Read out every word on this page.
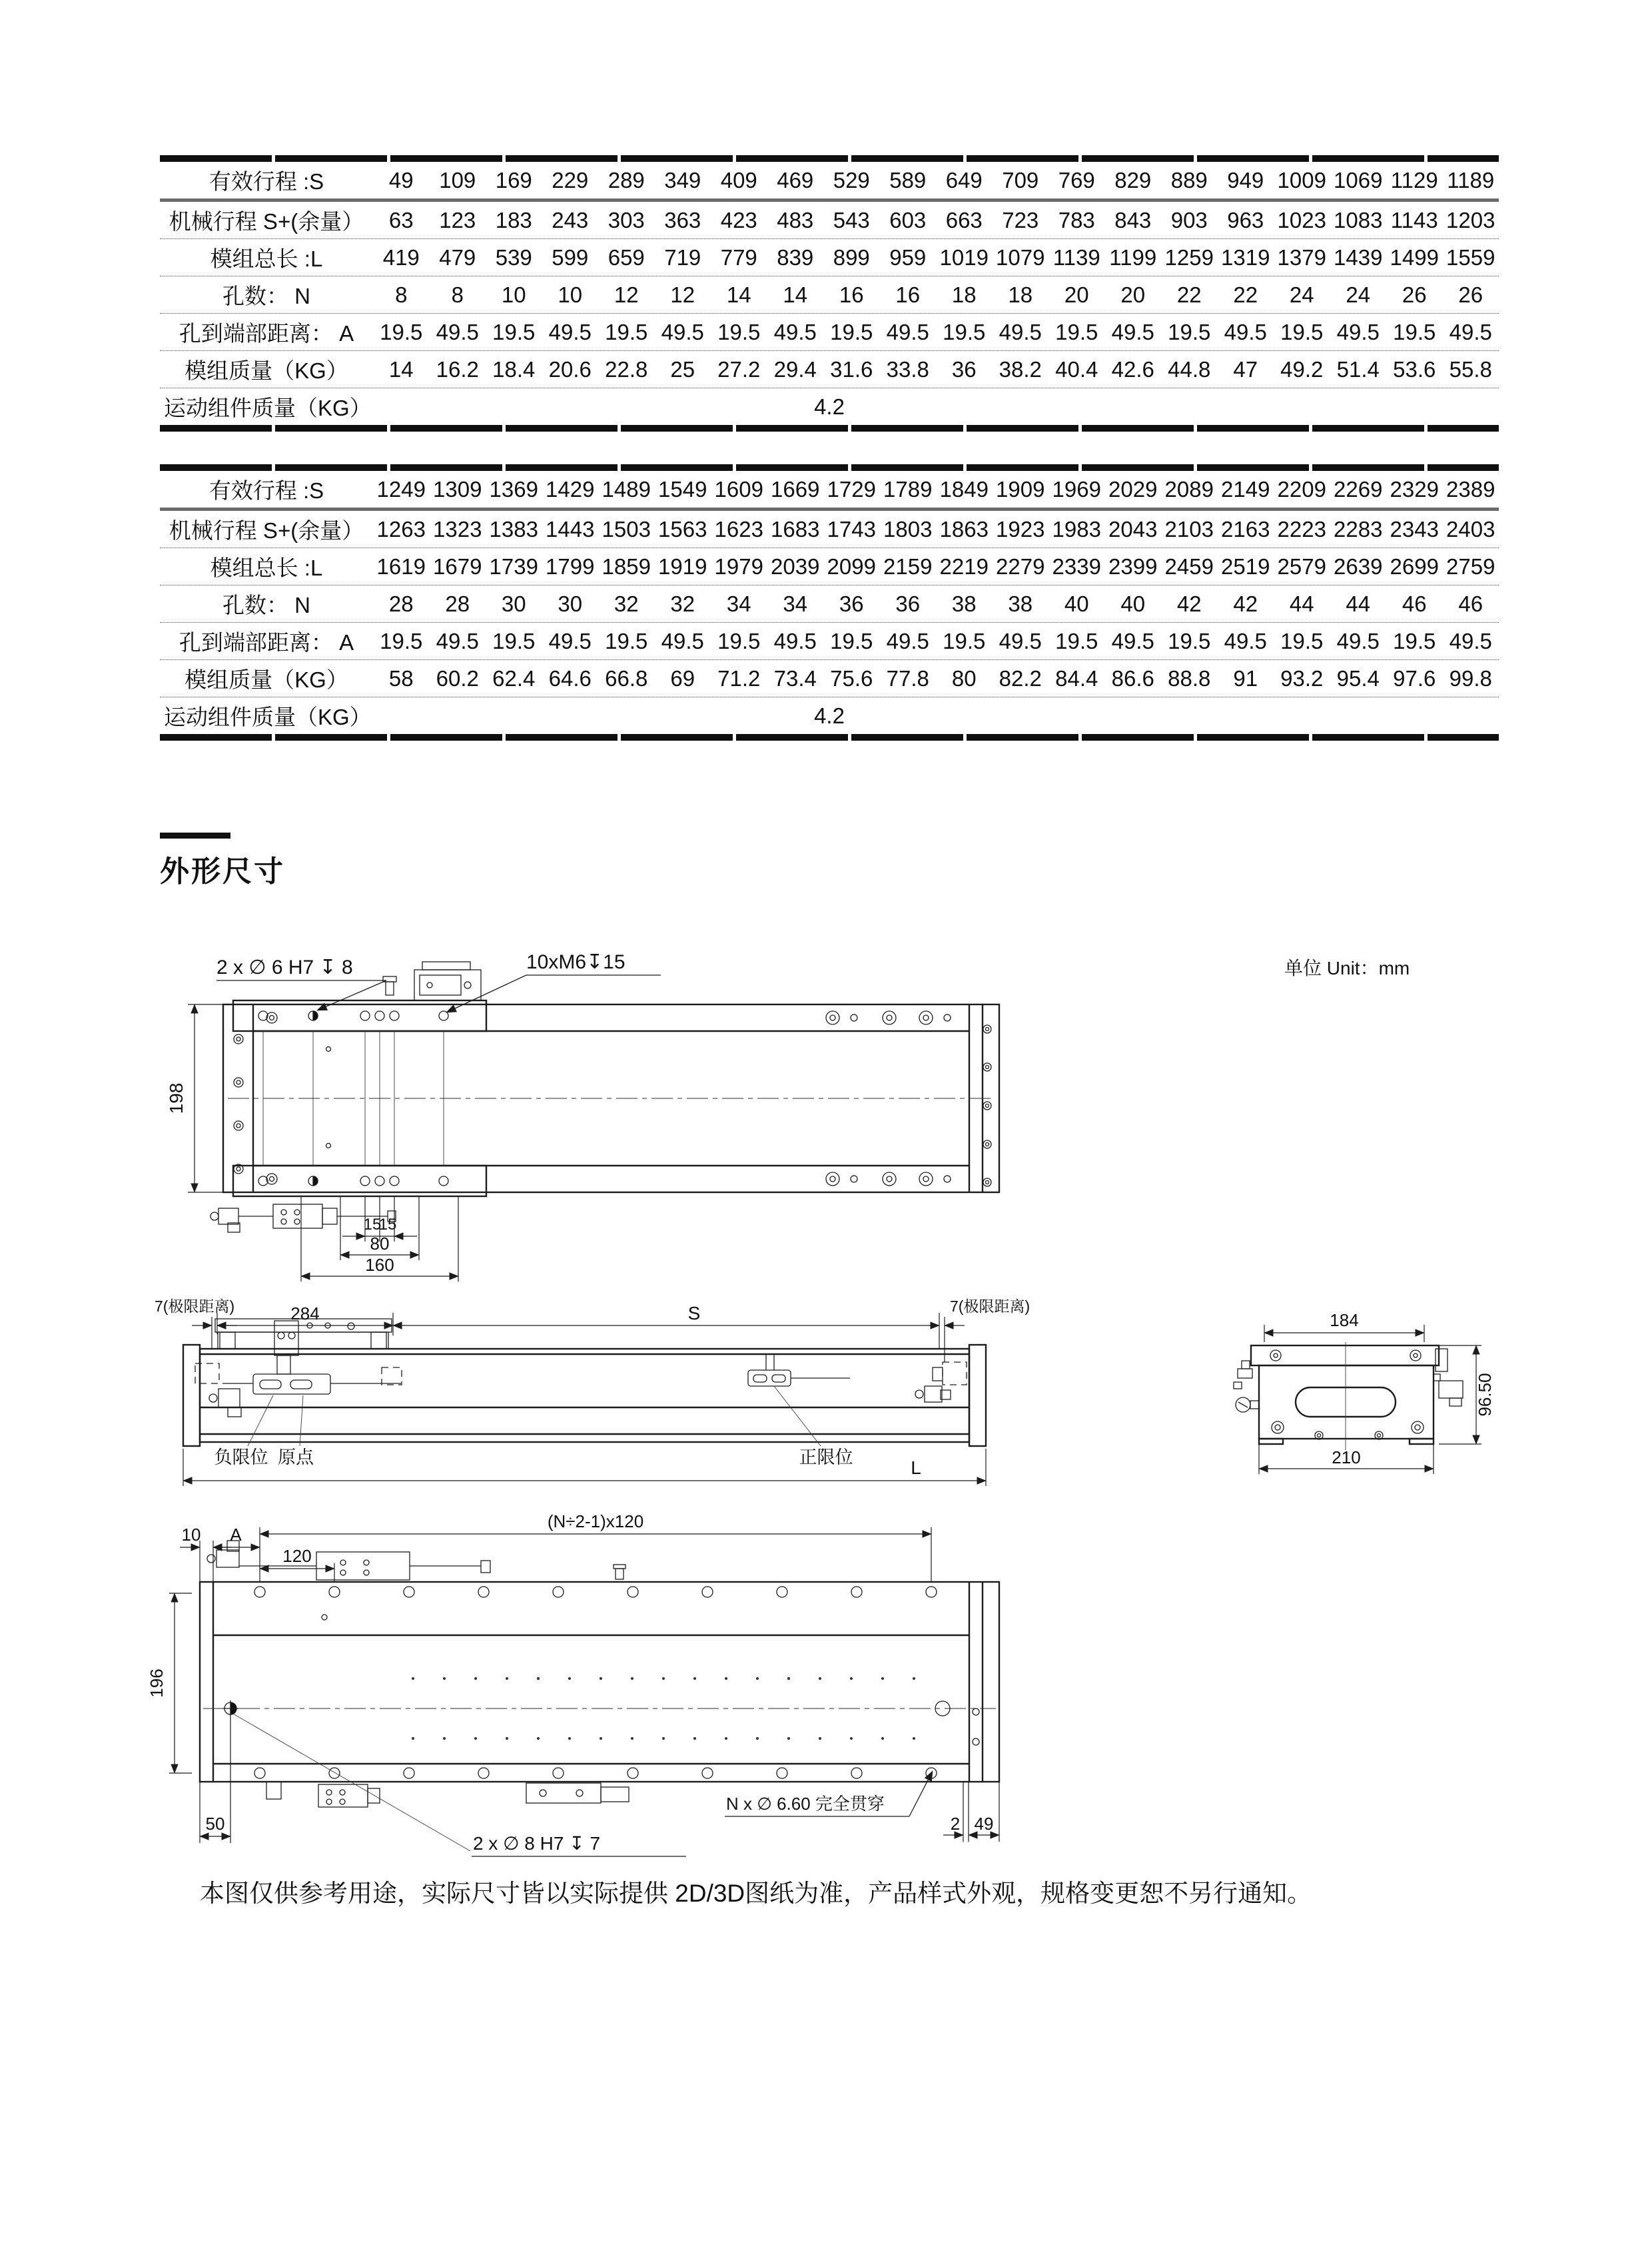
有效行程 :S	49	109 169 229 289 349 409 469 529 589 649 709 769 829 889 949 1009 1069 1129 1189
机械行程 S+(余量）	63	123 183 243 303 363 423 483 543 603 663 723 783 843 903 963 1023 1083 1143 1203
模组总长 :L	419 479 539 599 659 719 779 839 899 959 1019 1079 1139 1199 1259 1319 1379 1439 1499 1559
孔数： N	8	8	10	10	12	12	14	14	16	16	18	18	20	20	22	22	24	24	26	26
孔到端部距离： A	19.5 49.5 19.5 49.5 19.5 49.5 19.5 49.5 19.5 49.5 19.5 49.5 19.5 49.5 19.5 49.5 19.5 49.5 19.5 49.5
模组质量（KG）	14	16.2 18.4 20.6 22.8	25	27.2 29.4 31.6 33.8	36	38.2 40.4 42.6 44.8	47	49.2 51.4 53.6 55.8
运动组件质量（KG）	4.2
有效行程 :S	1249 1309 1369 1429 1489 1549 1609 1669 1729 1789 1849 1909 1969 2029 2089 2149 2209 2269 2329 2389
机械行程 S+(余量） 1263 1323 1383 1443 1503 1563 1623 1683 1743 1803 1863 1923 1983 2043 2103 2163 2223 2283 2343 2403
模组总长 :L	1619 1679 1739 1799 1859 1919 1979 2039 2099 2159 2219 2279 2339 2399 2459 2519 2579 2639 2699 2759
孔数： N	28	28	30	30	32	32	34	34	36	36	38	38	40	40	42	42	44	44	46	46
孔到端部距离： A	19.5 49.5 19.5 49.5 19.5 49.5 19.5 49.5 19.5 49.5 19.5 49.5 19.5 49.5 19.5 49.5 19.5 49.5 19.5 49.5
模组质量（KG）	58	60.2 62.4 64.6 66.8	69	71.2 73.4 75.6 77.8	80	82.2 84.4 86.6 88.8	91	93.2 95.4 97.6 99.8
运动组件质量（KG）	4.2
外形尺寸
单位 Unit：mm
2 x ∅ 6 H7 ↧ 8	10xM6↧15
198
15
15
80
160
7(极限距离)	284	S	7(极限距离)
负限位 原点	正限位	L
184
96.50
210
10 A
120
(N÷2-1)x120
196
50	2 49
2 x ∅ 8 H7 ↧ 7
N x ∅ 6.60 完全贯穿
本图仅供参考用途，实际尺寸皆以实际提供 2D/3D图纸为准，产品样式外观，规格变更恕不另行通知。
